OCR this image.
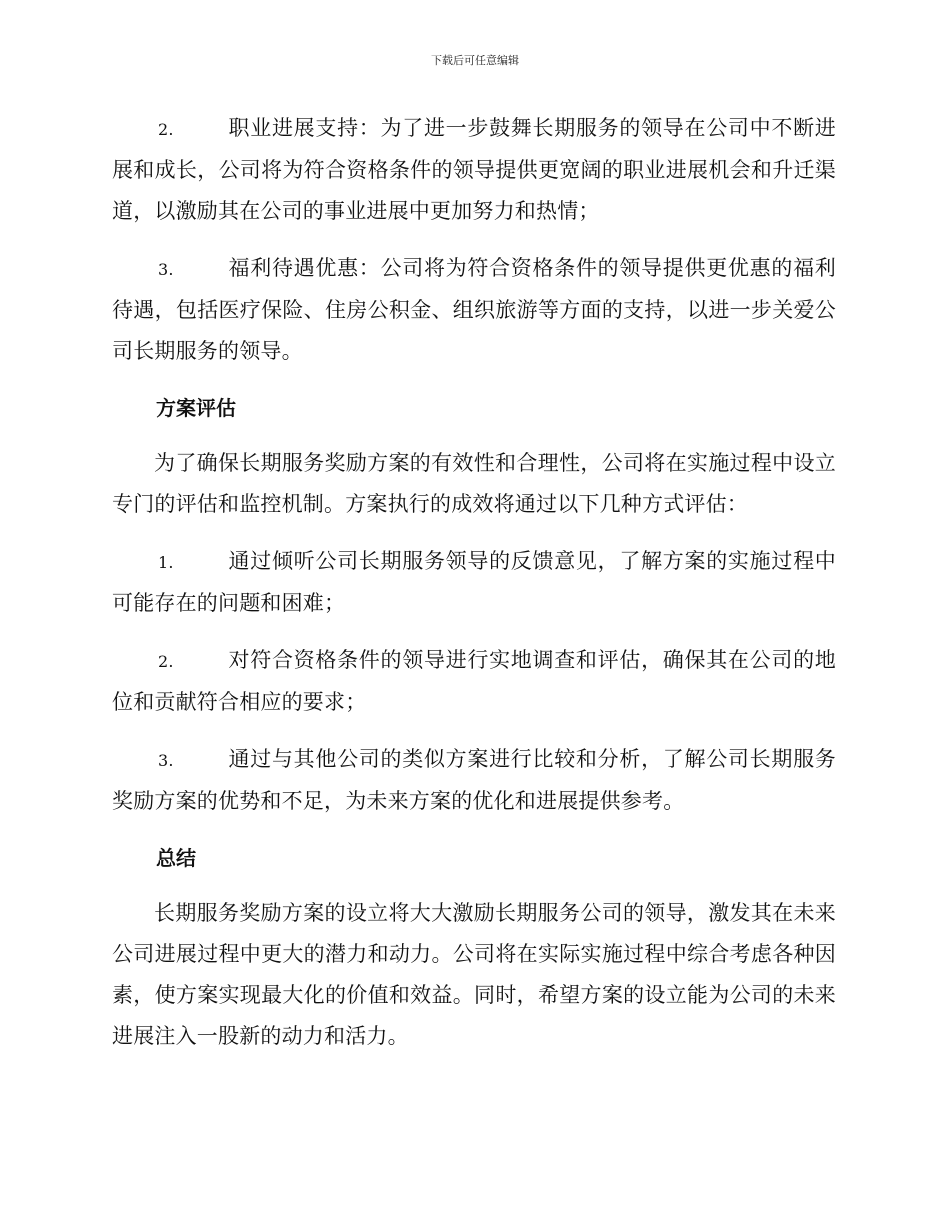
下载后可任意编辑
2.	职业进展支持：为了进一步鼓舞长期服务的领导在公司中不断进展和成长，公司将为符合资格条件的领导提供更宽阔的职业进展机会和升迁渠道，以激励其在公司的事业进展中更加努力和热情；
3.	福利待遇优惠：公司将为符合资格条件的领导提供更优惠的福利待遇，包括医疗保险、住房公积金、组织旅游等方面的支持，以进一步关爱公司长期服务的领导。
方案评估
为了确保长期服务奖励方案的有效性和合理性，公司将在实施过程中设立专门的评估和监控机制。方案执行的成效将通过以下几种方式评估：
1.	通过倾听公司长期服务领导的反馈意见，了解方案的实施过程中可能存在的问题和困难；
2.	对符合资格条件的领导进行实地调查和评估，确保其在公司的地位和贡献符合相应的要求；
3.	通过与其他公司的类似方案进行比较和分析，了解公司长期服务奖励方案的优势和不足，为未来方案的优化和进展提供参考。
总结
长期服务奖励方案的设立将大大激励长期服务公司的领导，激发其在未来公司进展过程中更大的潜力和动力。公司将在实际实施过程中综合考虑各种因素，使方案实现最大化的价值和效益。同时，希望方案的设立能为公司的未来进展注入一股新的动力和活力。
